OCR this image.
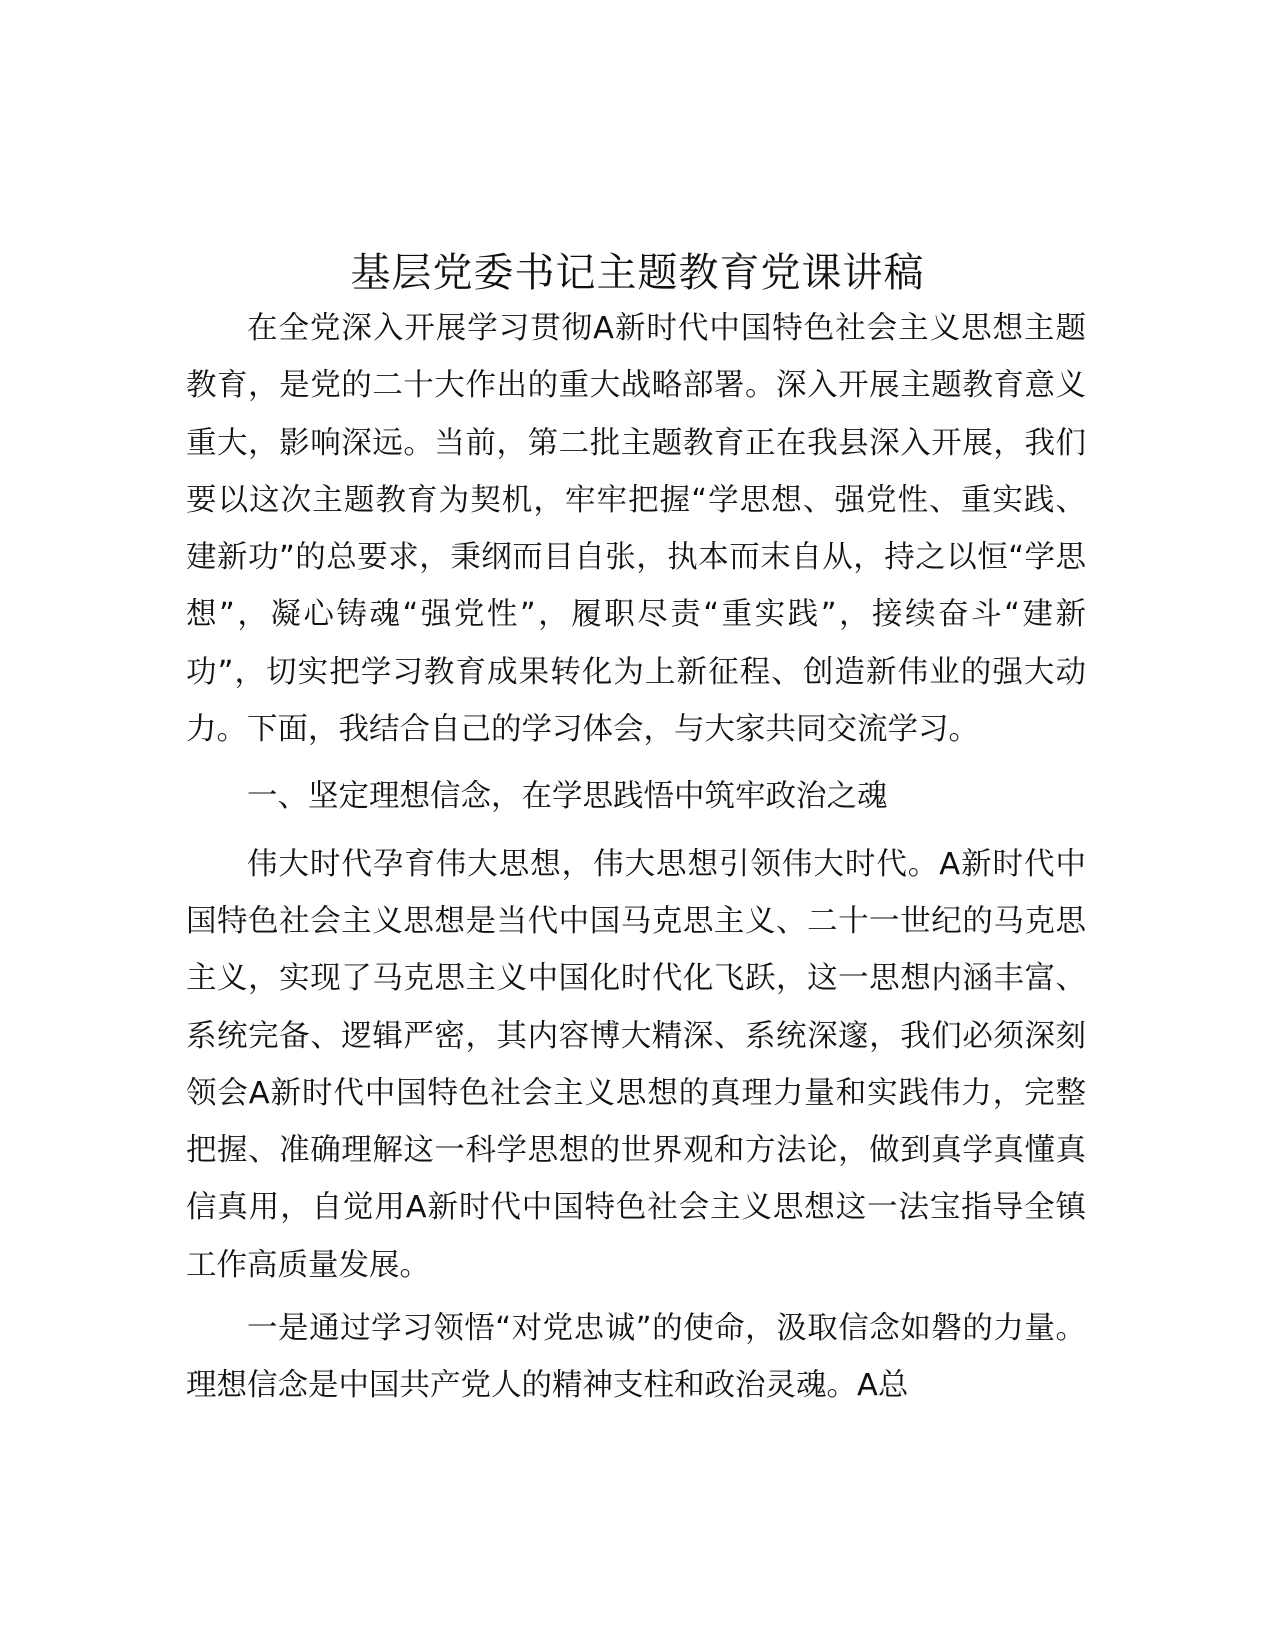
基层党委书记主题教育党课讲稿

在全党深入开展学习贯彻A新时代中国特色社会主义思想主题教育，是党的二十大作出的重大战略部署。深入开展主题教育意义重大，影响深远。当前，第二批主题教育正在我县深入开展，我们要以这次主题教育为契机，牢牢把握“学思想、强党性、重实践、建新功”的总要求，秉纲而目自张，执本而末自从，持之以恒“学思想”，凝心铸魂“强党性”，履职尽责“重实践”，接续奋斗“建新功”，切实把学习教育成果转化为上新征程、创造新伟业的强大动力。下面，我结合自己的学习体会，与大家共同交流学习。

一、坚定理想信念，在学思践悟中筑牢政治之魂

伟大时代孕育伟大思想，伟大思想引领伟大时代。A新时代中国特色社会主义思想是当代中国马克思主义、二十一世纪的马克思主义，实现了马克思主义中国化时代化飞跃，这一思想内涵丰富、系统完备、逻辑严密，其内容博大精深、系统深邃，我们必须深刻领会A新时代中国特色社会主义思想的真理力量和实践伟力，完整把握、准确理解这一科学思想的世界观和方法论，做到真学真懂真信真用，自觉用A新时代中国特色社会主义思想这一法宝指导全镇工作高质量发展。

一是通过学习领悟“对党忠诚”的使命，汲取信念如磐的力量。理想信念是中国共产党人的精神支柱和政治灵魂。A总
